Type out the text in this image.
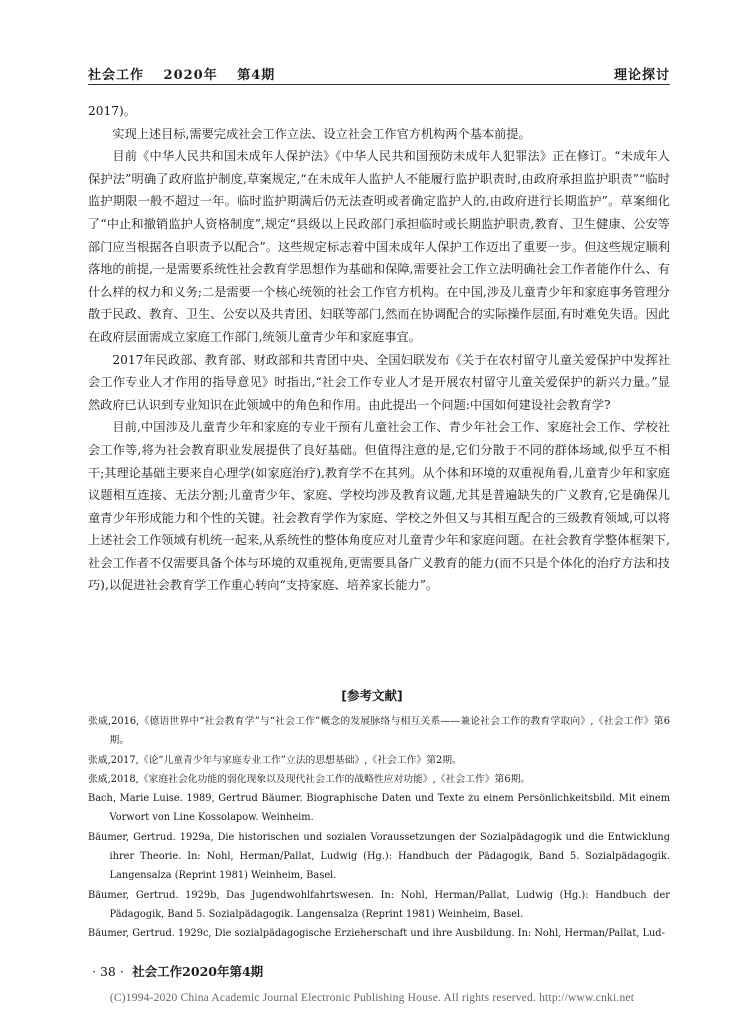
社会工作 2020年 第4期	理论探讨

2017)。

实现上述目标,需要完成社会工作立法、设立社会工作官方机构两个基本前提。

目前《中华人民共和国未成年人保护法》《中华人民共和国预防未成年人犯罪法》正在修订。“未成年人保护法”明确了政府监护制度,草案规定,“在未成年人监护人不能履行监护职责时,由政府承担监护职责”“临时监护期限一般不超过一年。临时监护期满后仍无法查明或者确定监护人的,由政府进行长期监护”。草案细化了“中止和撤销监护人资格制度”,规定“县级以上民政部门承担临时或长期监护职责,教育、卫生健康、公安等部门应当根据各自职责予以配合”。这些规定标志着中国未成年人保护工作迈出了重要一步。但这些规定顺利落地的前提,一是需要系统性社会教育学思想作为基础和保障,需要社会工作立法明确社会工作者能作什么、有什么样的权力和义务;二是需要一个核心统领的社会工作官方机构。在中国,涉及儿童青少年和家庭事务管理分散于民政、教育、卫生、公安以及共青团、妇联等部门,然而在协调配合的实际操作层面,有时难免失语。因此在政府层面需成立家庭工作部门,统领儿童青少年和家庭事宜。

2017年民政部、教育部、财政部和共青团中央、全国妇联发布《关于在农村留守儿童关爱保护中发挥社会工作专业人才作用的指导意见》时指出,“社会工作专业人才是开展农村留守儿童关爱保护的新兴力量。”显然政府已认识到专业知识在此领域中的角色和作用。由此提出一个问题:中国如何建设社会教育学?

目前,中国涉及儿童青少年和家庭的专业干预有儿童社会工作、青少年社会工作、家庭社会工作、学校社会工作等,将为社会教育职业发展提供了良好基础。但值得注意的是,它们分散于不同的群体场域,似乎互不相干;其理论基础主要来自心理学(如家庭治疗),教育学不在其列。从个体和环境的双重视角看,儿童青少年和家庭议题相互连接、无法分割;儿童青少年、家庭、学校均涉及教育议题,尤其是普遍缺失的广义教育,它是确保儿童青少年形成能力和个性的关键。社会教育学作为家庭、学校之外但又与其相互配合的三级教育领域,可以将上述社会工作领域有机统一起来,从系统性的整体角度应对儿童青少年和家庭问题。在社会教育学整体框架下,社会工作者不仅需要具备个体与环境的双重视角,更需要具备广义教育的能力(而不只是个体化的治疗方法和技巧),以促进社会教育学工作重心转向“支持家庭、培养家长能力”。

[参考文献]

张威,2016,《德语世界中“社会教育学”与“社会工作”概念的发展脉络与相互关系——兼论社会工作的教育学取向》,《社会工作》第6期。

张威,2017,《论“儿童青少年与家庭专业工作”立法的思想基础》,《社会工作》第2期。

张威,2018,《家庭社会化功能的弱化现象以及现代社会工作的战略性应对功能》,《社会工作》第6期。

Bach, Marie Luise. 1989, Gertrud Bäumer. Biographische Daten und Texte zu einem Persönlichkeitsbild. Mit einem Vorwort von Line Kossolapow. Weinheim.

Bäumer, Gertrud. 1929a, Die historischen und sozialen Voraussetzungen der Sozialpädagogik und die Entwicklung ihrer Theorie. In: Nohl, Herman/Pallat, Ludwig (Hg.): Handbuch der Pädagogik, Band 5. Sozialpädagogik. Langensalza (Reprint 1981) Weinheim, Basel.

Bäumer, Gertrud. 1929b, Das Jugendwohlfahrtswesen. In: Nohl, Herman/Pallat, Ludwig (Hg.): Handbuch der Pädagogik, Band 5. Sozialpädagogik. Langensalza (Reprint 1981) Weinheim, Basel.

Bäumer, Gertrud. 1929c, Die sozialpädagogische Erzieherschaft und ihre Ausbildung. In: Nohl, Herman/Pallat, Lud-

· 38 · 社会工作2020年第4期
(C)1994-2020 China Academic Journal Electronic Publishing House. All rights reserved. http://www.cnki.net
